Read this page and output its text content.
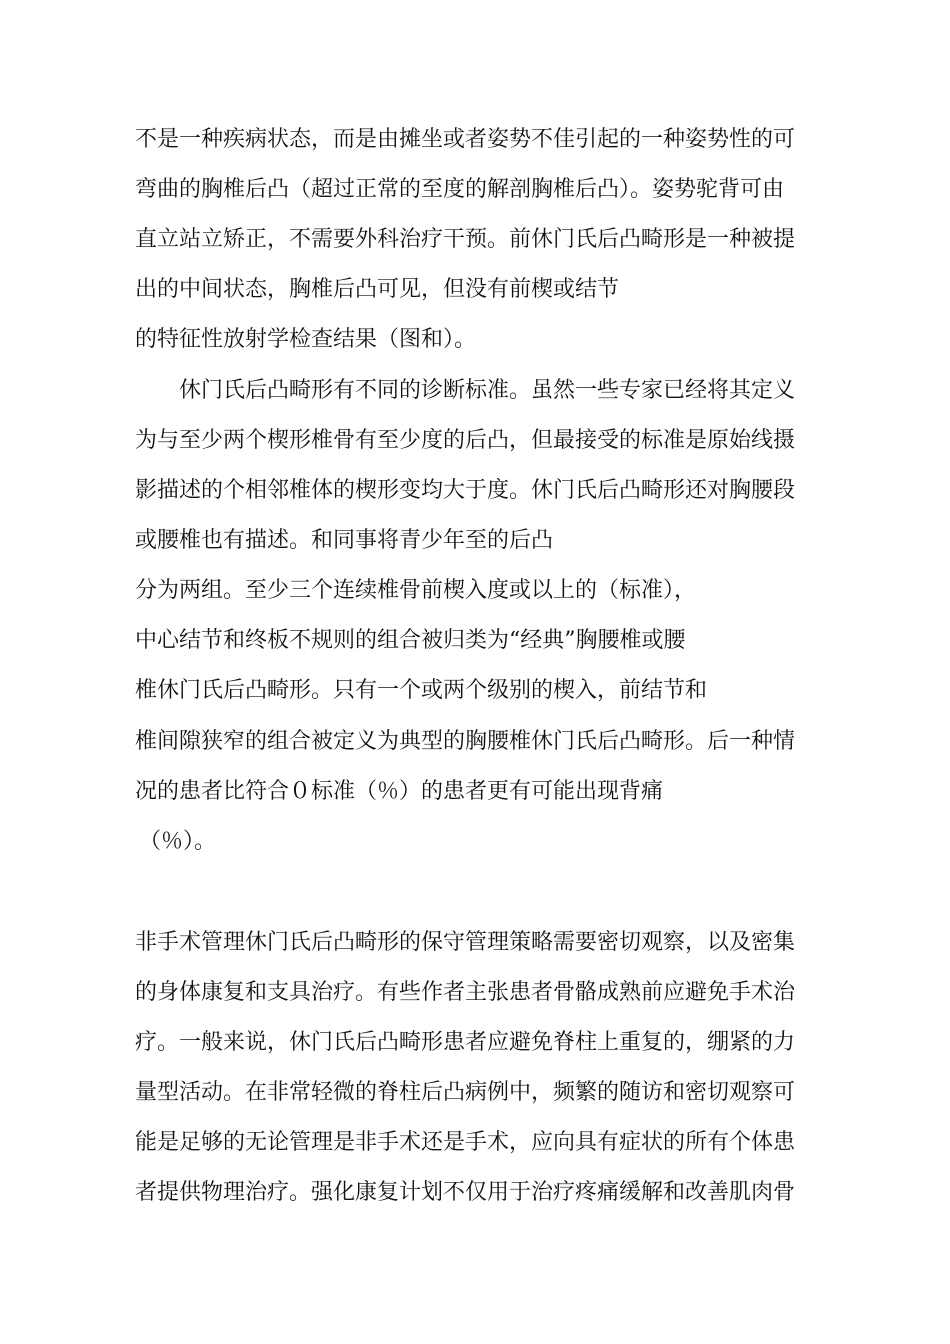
不是一种疾病状态，而是由摊坐或者姿势不佳引起的一种姿势性的可
弯曲的胸椎后凸（超过正常的至度的解剖胸椎后凸）。姿势驼背可由
直立站立矫正，不需要外科治疗干预。前休门氏后凸畸形是一种被提
出的中间状态，胸椎后凸可见，但没有前楔或结节
的特征性放射学检查结果（图和）。
休门氏后凸畸形有不同的诊断标准。虽然一些专家已经将其定义
为与至少两个楔形椎骨有至少度的后凸，但最接受的标准是原始线摄
影描述的个相邻椎体的楔形变均大于度。休门氏后凸畸形还对胸腰段
或腰椎也有描述。和同事将青少年至的后凸
分为两组。至少三个连续椎骨前楔入度或以上的（标准），
中心结节和终板不规则的组合被归类为“经典”胸腰椎或腰
椎休门氏后凸畸形。只有一个或两个级别的楔入，前结节和
椎间隙狭窄的组合被定义为典型的胸腰椎休门氏后凸畸形。后一种情
况的患者比符合０标准（％）的患者更有可能出现背痛
（％）。
非手术管理休门氏后凸畸形的保守管理策略需要密切观察，以及密集
的身体康复和支具治疗。有些作者主张患者骨骼成熟前应避免手术治
疗。一般来说，休门氏后凸畸形患者应避免脊柱上重复的，绷紧的力
量型活动。在非常轻微的脊柱后凸病例中，频繁的随访和密切观察可
能是足够的无论管理是非手术还是手术，应向具有症状的所有个体患
者提供物理治疗。强化康复计划不仅用于治疗疼痛缓解和改善肌肉骨
